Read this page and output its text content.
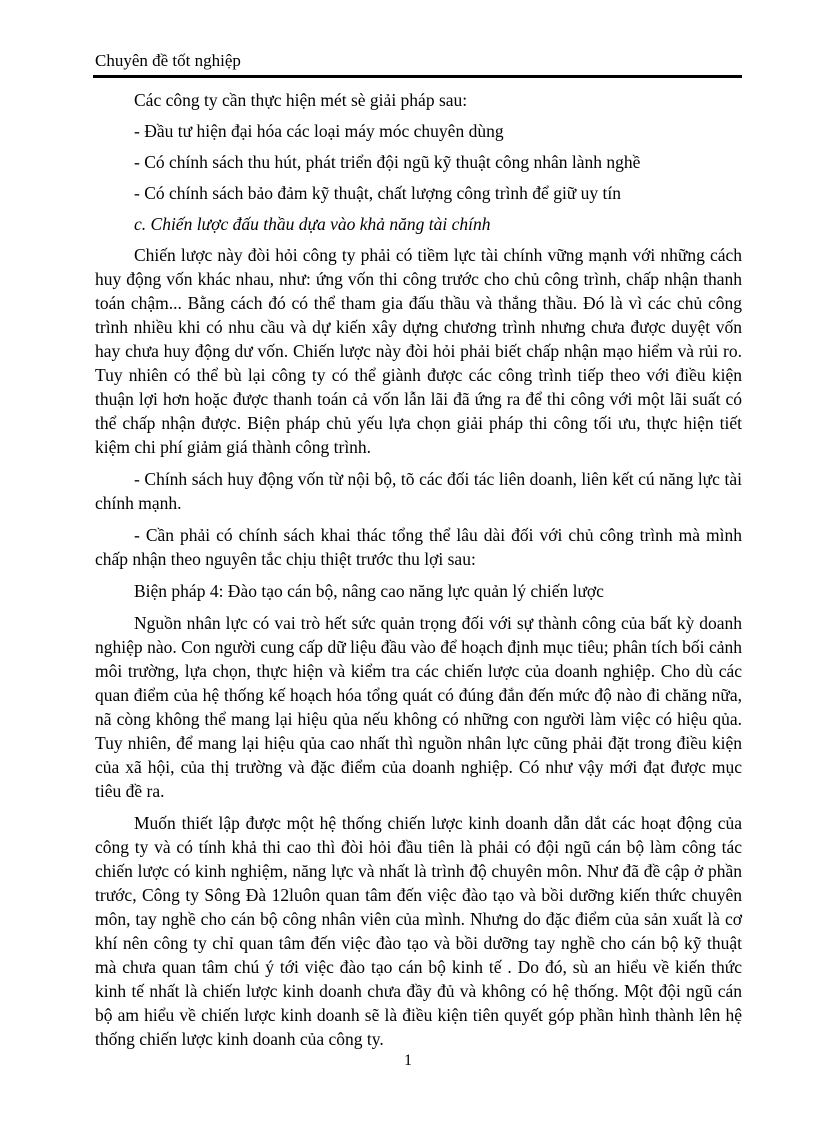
Chuyên đề tốt nghiệp

Các công ty cần thực hiện mét sè giải pháp sau:

- Đầu tư hiện đại hóa các loại máy móc chuyên dùng

- Có chính sách thu hút, phát triển đội ngũ kỹ thuật công nhân lành nghề

- Có chính sách bảo đảm kỹ thuật, chất lượng công trình để giữ uy tín

c. Chiến lược đấu thầu dựa vào khả năng tài chính

Chiến lược này đòi hỏi công ty phải có tiềm lực tài chính vững mạnh với những cách huy động vốn khác nhau, như: ứng vốn thi công trước cho chủ công trình, chấp nhận thanh toán chậm... Bằng cách đó có thể tham gia đấu thầu và thắng thầu. Đó là vì các chủ công trình nhiều khi có nhu cầu và dự kiến xây dựng chương trình nhưng chưa được duyệt vốn hay chưa huy động dư vốn. Chiến lược này đòi hỏi phải biết chấp nhận mạo hiểm và rủi ro. Tuy nhiên có thể bù lại công ty có thể giành được các công trình tiếp theo với điều kiện thuận lợi hơn hoặc được thanh toán cả vốn lẫn lãi đã ứng ra để thi công với một lãi suất có thể chấp nhận được. Biện pháp chủ yếu lựa chọn giải pháp thi công tối ưu, thực hiện tiết kiệm chi phí giảm giá thành công trình.

- Chính sách huy động vốn từ nội bộ, tõ các đối tác liên doanh, liên kết cú năng lực tài chính mạnh.

- Cần phải có chính sách khai thác tổng thể lâu dài đối với chủ công trình mà mình chấp nhận theo nguyên tắc chịu thiệt trước thu lợi sau:

Biện pháp 4: Đào tạo cán bộ, nâng cao năng lực quản lý chiến lược

Nguồn nhân lực có vai trò hết sức quản trọng đối với sự thành công của bất kỳ doanh nghiệp nào. Con người cung cấp dữ liệu đầu vào để hoạch định mục tiêu; phân tích bối cảnh môi trường, lựa chọn, thực hiện và kiểm tra các chiến lược của doanh nghiệp. Cho dù các quan điểm của hệ thống kế hoạch hóa tổng quát có đúng đắn đến mức độ nào đi chăng nữa, nã còng không thể mang lại hiệu qủa nếu không có những con người làm việc có hiệu qủa. Tuy nhiên, để mang lại hiệu qủa cao nhất thì nguồn nhân lực cũng phải đặt trong điều kiện của xã hội, của thị trường và đặc điểm của doanh nghiệp. Có như vậy mới đạt được mục tiêu đề ra.

Muốn thiết lập được một hệ thống chiến lược kinh doanh dẫn dắt các hoạt động của công ty và có tính khả thi cao thì đòi hỏi đầu tiên là phải có đội ngũ cán bộ làm công tác chiến lược có kinh nghiệm, năng lực và nhất là trình độ chuyên môn. Như đã đề cập ở phần trước, Công ty Sông Đà 12luôn quan tâm đến việc đào tạo và bồi dưỡng kiến thức chuyên môn, tay nghề cho cán bộ công nhân viên của mình. Nhưng do đặc điểm của sản xuất là cơ khí nên công ty chỉ quan tâm đến việc đào tạo và bồi dưỡng tay nghề cho cán bộ kỹ thuật mà chưa quan tâm chú ý tới việc đào tạo cán bộ kinh tế . Do đó, sù an hiểu về kiến thức kinh tế nhất là chiến lược kinh doanh chưa đầy đủ và không có hệ thống. Một đội ngũ cán bộ am hiểu về chiến lược kinh doanh sẽ là điều kiện tiên quyết góp phần hình thành lên hệ thống chiến lược kinh doanh của công ty.

1
